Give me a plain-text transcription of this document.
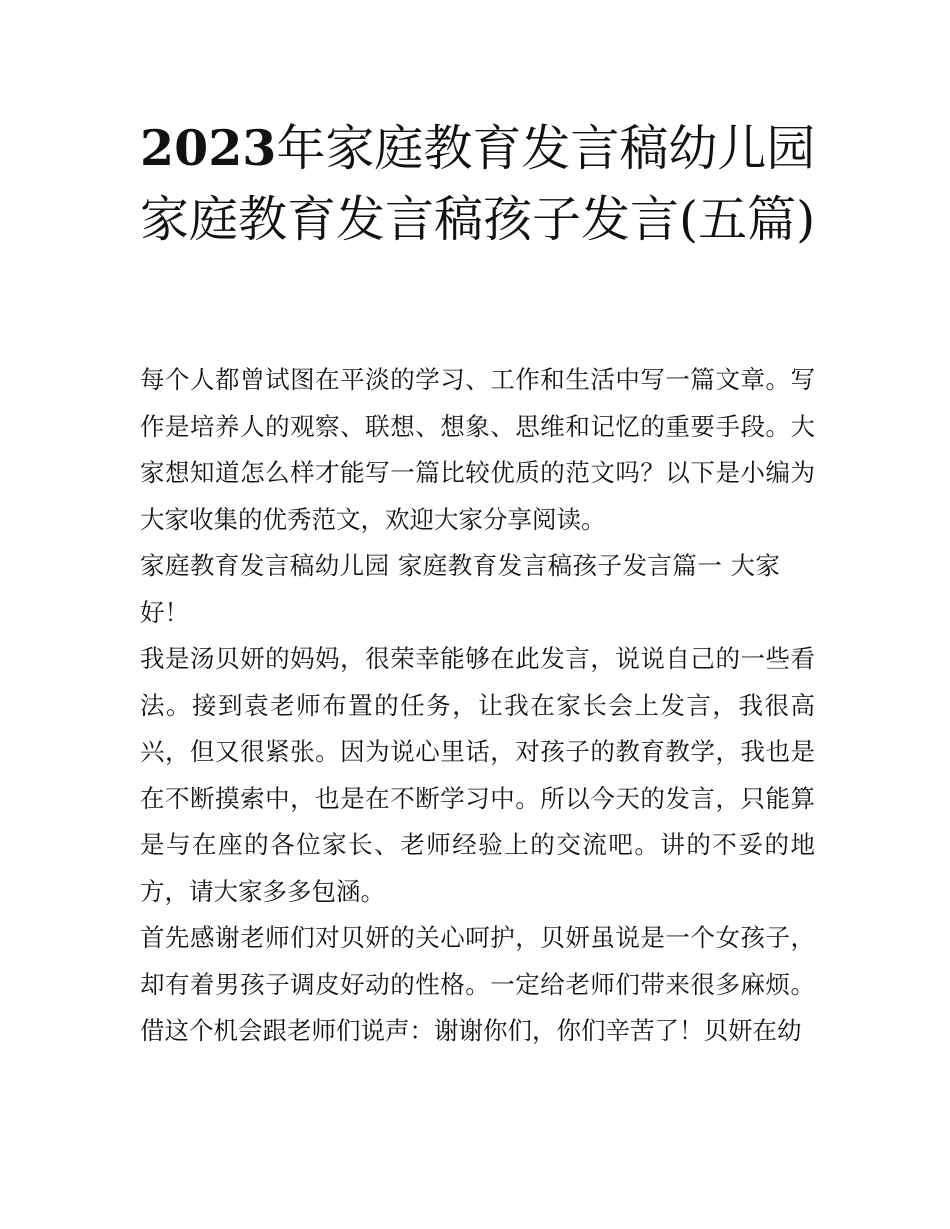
2023年家庭教育发言稿幼儿园家庭教育发言稿孩子发言(五篇)

每个人都曾试图在平淡的学习、工作和生活中写一篇文章。写作是培养人的观察、联想、想象、思维和记忆的重要手段。大家想知道怎么样才能写一篇比较优质的范文吗？以下是小编为大家收集的优秀范文，欢迎大家分享阅读。

家庭教育发言稿幼儿园 家庭教育发言稿孩子发言篇一 大家好！

我是汤贝妍的妈妈，很荣幸能够在此发言，说说自己的一些看法。接到袁老师布置的任务，让我在家长会上发言，我很高兴，但又很紧张。因为说心里话，对孩子的教育教学，我也是在不断摸索中，也是在不断学习中。所以今天的发言，只能算是与在座的各位家长、老师经验上的交流吧。讲的不妥的地方，请大家多多包涵。

首先感谢老师们对贝妍的关心呵护，贝妍虽说是一个女孩子，却有着男孩子调皮好动的性格。一定给老师们带来很多麻烦。借这个机会跟老师们说声：谢谢你们，你们辛苦了！贝妍在幼
